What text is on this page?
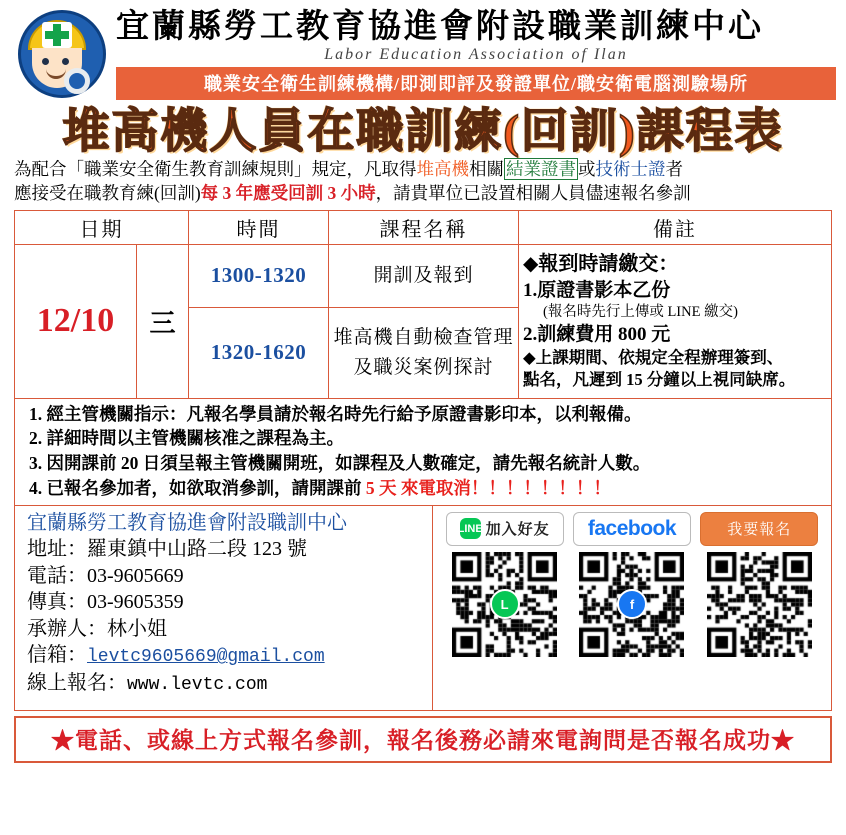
宜蘭縣勞工教育協進會附設職業訓練中心
Labor Education Association of Ilan
職業安全衛生訓練機構/即測即評及發證單位/職安衛電腦測驗場所
堆高機人員在職訓練(回訓)課程表
為配合「職業安全衛生教育訓練規則」規定，凡取得堆高機相關 結業證書 或技術士證者
應接受在職教育練(回訓)每 3 年應受回訓 3 小時，請貴單位已設置相關人員儘速報名參訓
日期		時間	課程名稱	備註
12/10	三	1300-1320	開訓及報到	◆報到時請繳交：
1.原證書影本乙份
(報名時先行上傳或 LINE 繳交)
2.訓練費用 800 元
◆上課期間、依規定全程辦理簽到、
點名，凡遲到 15 分鐘以上視同缺席。

		1320-1620	堆高機自動檢查管理
及職災案例探討	
1. 經主管機關指示：凡報名學員請於報名時先行給予原證書影印本，以利報備。
2. 詳細時間以主管機關核准之課程為主。
3. 因開課前 20 日須呈報主管機關開班，如課程及人數確定，請先報名統計人數。
4. 已報名參加者，如欲取消參訓，請開課前 5 天 來電取消！！！！！！！！
宜蘭縣勞工教育協進會附設職訓中心
地址：羅東鎮中山路二段 123 號
電話：03-9605669
傳真：03-9605359
承辦人：林小姐
信箱：levtc9605669@gmail.com
線上報名：www.levtc.com
LINE 加入好友
L
facebook
f
我要報名
★電話、或線上方式報名參訓，報名後務必請來電詢問是否報名成功★
